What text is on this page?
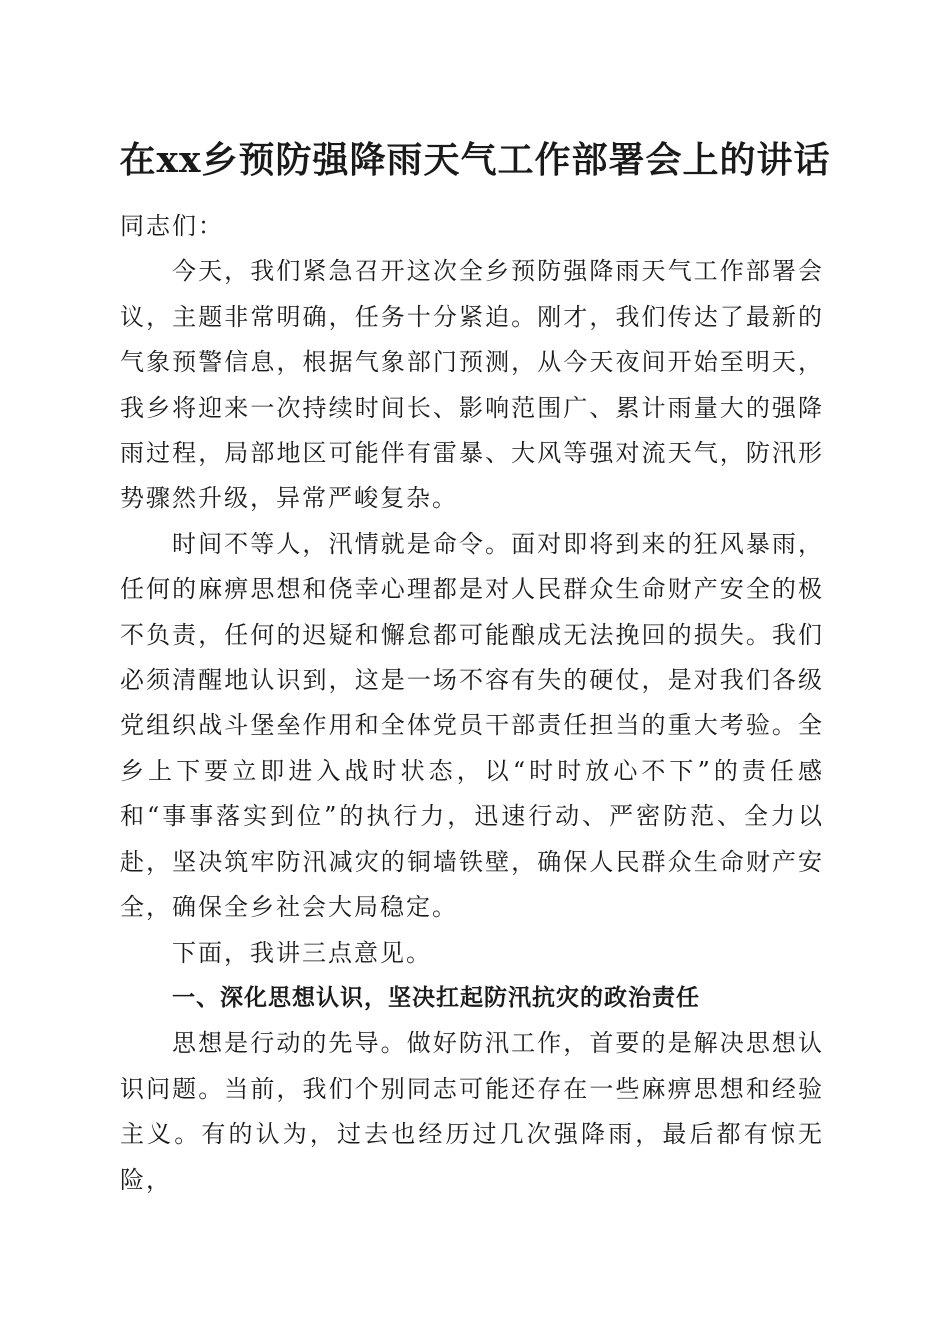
在xx乡预防强降雨天气工作部署会上的讲话

同志们：

今天，我们紧急召开这次全乡预防强降雨天气工作部署会议，主题非常明确，任务十分紧迫。刚才，我们传达了最新的气象预警信息，根据气象部门预测，从今天夜间开始至明天，我乡将迎来一次持续时间长、影响范围广、累计雨量大的强降雨过程，局部地区可能伴有雷暴、大风等强对流天气，防汛形势骤然升级，异常严峻复杂。

时间不等人，汛情就是命令。面对即将到来的狂风暴雨，任何的麻痹思想和侥幸心理都是对人民群众生命财产安全的极不负责，任何的迟疑和懈怠都可能酿成无法挽回的损失。我们必须清醒地认识到，这是一场不容有失的硬仗，是对我们各级党组织战斗堡垒作用和全体党员干部责任担当的重大考验。全乡上下要立即进入战时状态，以“时时放心不下”的责任感和“事事落实到位”的执行力，迅速行动、严密防范、全力以赴，坚决筑牢防汛减灾的铜墙铁壁，确保人民群众生命财产安全，确保全乡社会大局稳定。

下面，我讲三点意见。

一、深化思想认识，坚决扛起防汛抗灾的政治责任

思想是行动的先导。做好防汛工作，首要的是解决思想认识问题。当前，我们个别同志可能还存在一些麻痹思想和经验主义。有的认为，过去也经历过几次强降雨，最后都有惊无险，
